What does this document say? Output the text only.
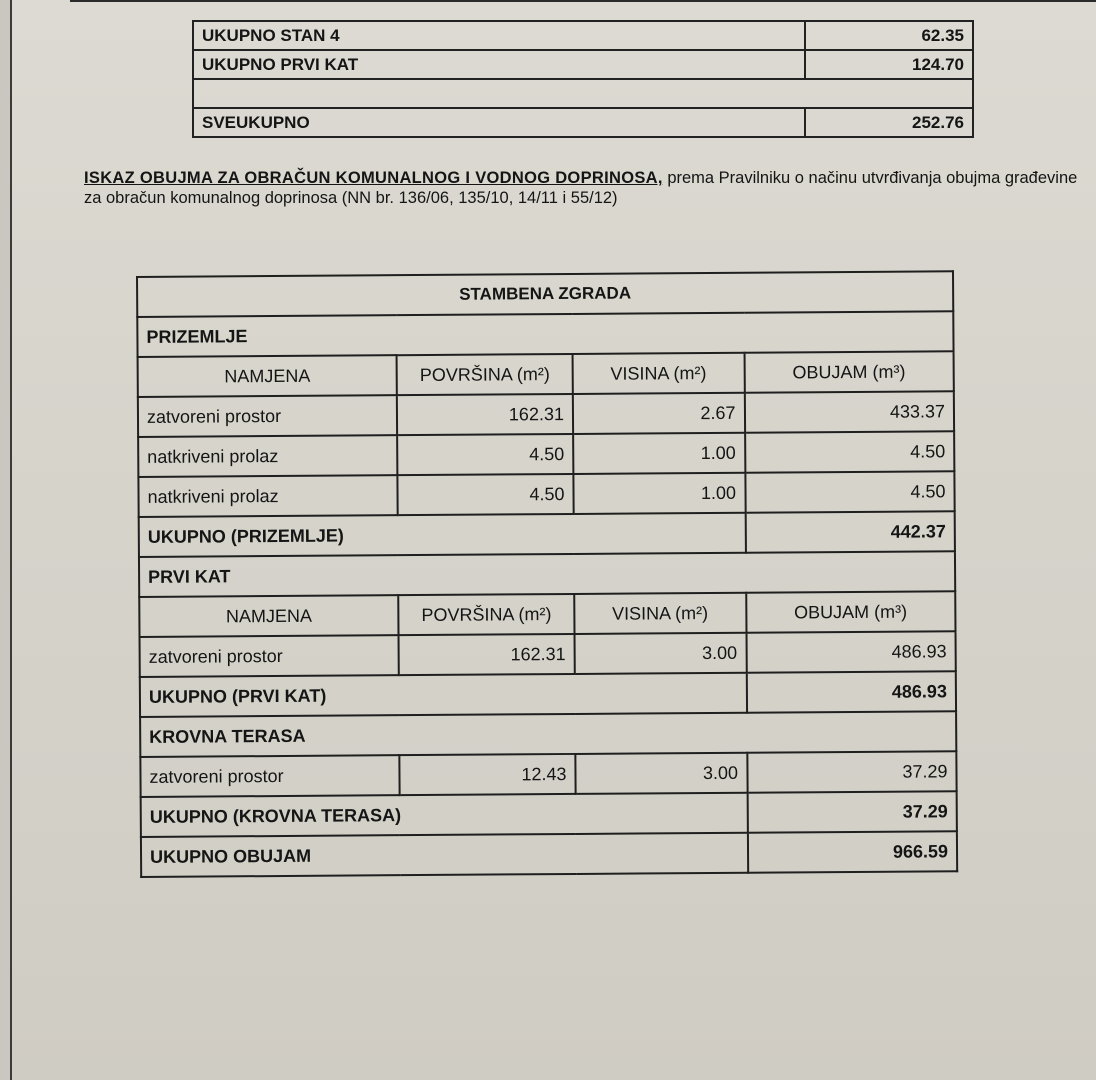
UKUPNO STAN 4	62.35
UKUPNO PRVI KAT	124.70

SVEUKUPNO	252.76
ISKAZ OBUJMA ZA OBRAČUN KOMUNALNOG I VODNOG DOPRINOSA, prema Pravilniku o načinu utvrđivanja obujma građevine za obračun komunalnog doprinosa (NN br. 136/06, 135/10, 14/11 i 55/12)
STAMBENA ZGRADA			
PRIZEMLJE			
NAMJENA	POVRŠINA (m²)	VISINA (m²)	OBUJAM (m³)
zatvoreni prostor	162.31	2.67	433.37
natkriveni prolaz	4.50	1.00	4.50
natkriveni prolaz	4.50	1.00	4.50
UKUPNO (PRIZEMLJE)			442.37
PRVI KAT			
NAMJENA	POVRŠINA (m²)	VISINA (m²)	OBUJAM (m³)
zatvoreni prostor	162.31	3.00	486.93
UKUPNO (PRVI KAT)			486.93
KROVNA TERASA			
zatvoreni prostor	12.43	3.00	37.29
UKUPNO (KROVNA TERASA)			37.29
UKUPNO OBUJAM			966.59
